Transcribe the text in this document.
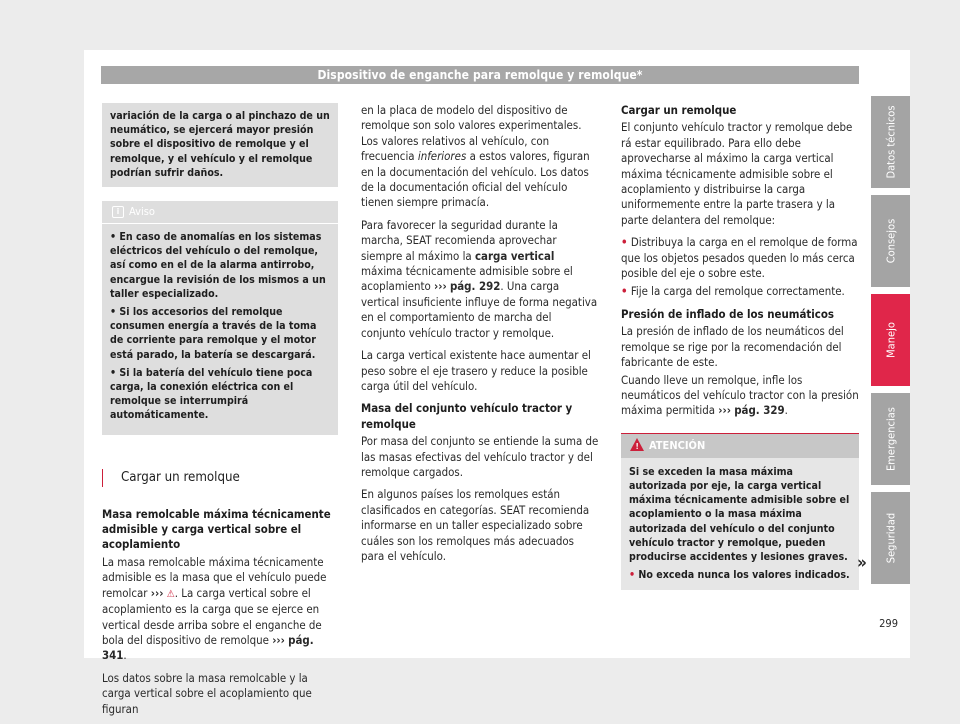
Dispositivo de enganche para remolque y remolque*
variación de la carga o al pinchazo de un neumático, se ejercerá mayor presión sobre el dispositivo de remolque y el remolque, y el vehículo y el remolque podrían sufrir daños.
i Aviso
• En caso de anomalías en los sistemas eléctricos del vehículo o del remolque, así como en el de la alarma antirrobo, encargue la revisión de los mismos a un taller especializado.
• Si los accesorios del remolque consumen energía a través de la toma de corriente para remolque y el motor está parado, la batería se descargará.
• Si la batería del vehículo tiene poca carga, la conexión eléctrica con el remolque se interrumpirá automáticamente.
Cargar un remolque

Masa remolcable máxima técnicamente admisible y carga vertical sobre el acoplamiento

La masa remolcable máxima técnicamente admisible es la masa que el vehículo puede remolcar ››› ⚠. La carga vertical sobre el acoplamiento es la carga que se ejerce en vertical desde arriba sobre el enganche de bola del dispositivo de remolque ››› pág. 341.

Los datos sobre la masa remolcable y la carga vertical sobre el acoplamiento que figuran

en la placa de modelo del dispositivo de remolque son solo valores experimentales. Los valores relativos al vehículo, con frecuencia inferiores a estos valores, figuran en la documentación del vehículo. Los datos de la documentación oficial del vehículo tienen siempre primacía.

Para favorecer la seguridad durante la marcha, SEAT recomienda aprovechar siempre al máximo la carga vertical máxima técnicamente admisible sobre el acoplamiento ››› pág. 292. Una carga vertical insuficiente influye de forma negativa en el comportamiento de marcha del conjunto vehículo tractor y remolque.

La carga vertical existente hace aumentar el peso sobre el eje trasero y reduce la posible carga útil del vehículo.

Masa del conjunto vehículo tractor y remolque

Por masa del conjunto se entiende la suma de las masas efectivas del vehículo tractor y del remolque cargados.

En algunos países los remolques están clasificados en categorías. SEAT recomienda informarse en un taller especializado sobre cuáles son los remolques más adecuados para el vehículo.

Cargar un remolque

El conjunto vehículo tractor y remolque debe rá estar equilibrado. Para ello debe aprovecharse al máximo la carga vertical máxima técnicamente admisible sobre el acoplamiento y distribuirse la carga uniformemente entre la parte trasera y la parte delantera del remolque:

• Distribuya la carga en el remolque de forma que los objetos pesados queden lo más cerca posible del eje o sobre este.

• Fije la carga del remolque correctamente.

Presión de inflado de los neumáticos

La presión de inflado de los neumáticos del remolque se rige por la recomendación del fabricante de este.

Cuando lleve un remolque, infle los neumáticos del vehículo tractor con la presión máxima permitida ››› pág. 329.

! ATENCIÓN
Si se exceden la masa máxima autorizada por eje, la carga vertical máxima técnicamente admisible sobre el acoplamiento o la masa máxima autorizada del vehículo o del conjunto vehículo tractor y remolque, pueden producirse accidentes y lesiones graves.
• No exceda nunca los valores indicados.
»
Datos técnicos
Consejos
Manejo
Emergencias
Seguridad
299
